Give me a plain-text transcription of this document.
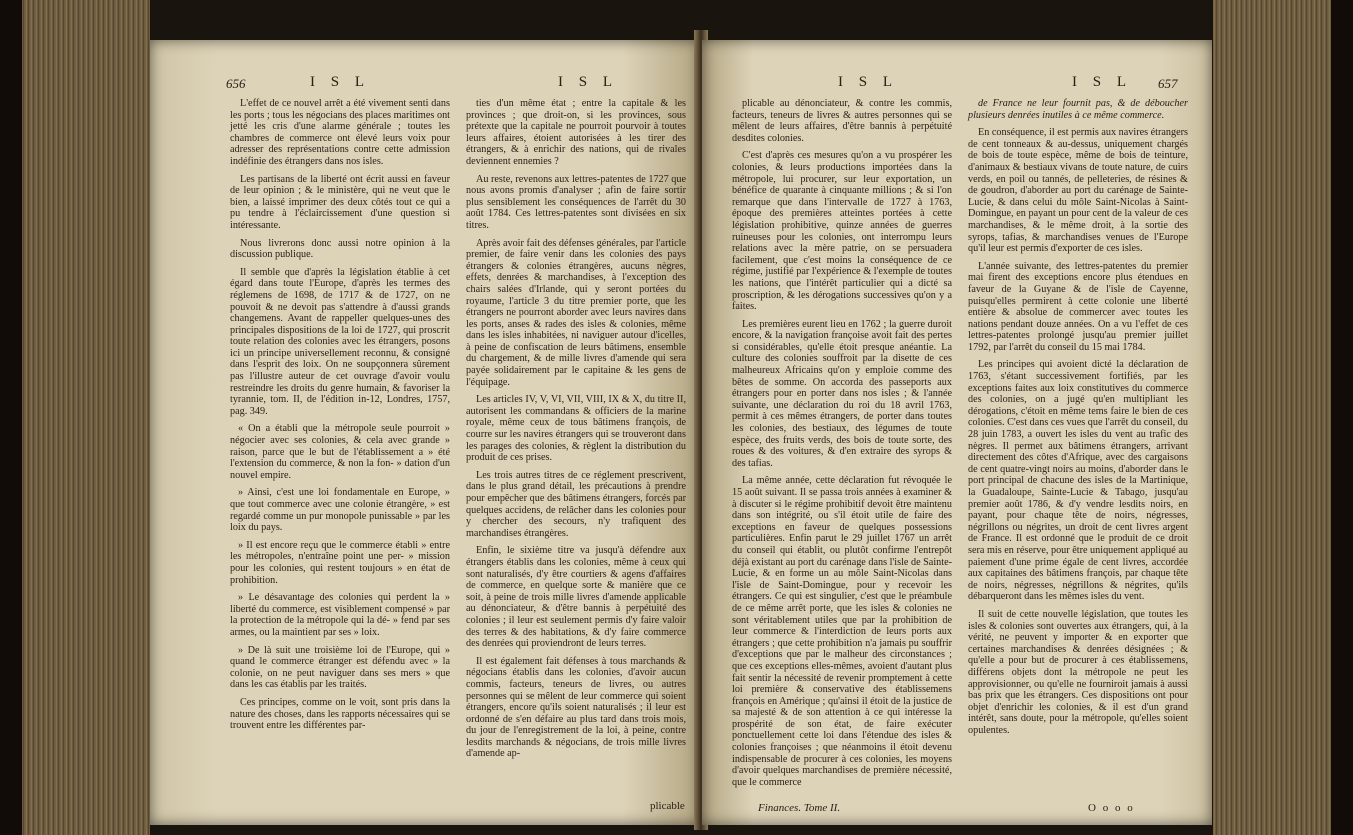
656	I S L	I S L

L'effet de ce nouvel arrêt a été vivement senti dans les ports ; tous les négocians des places maritimes ont jetté les cris d'une alarme générale ; toutes les chambres de commerce ont élevé leurs voix pour adresser des représentations contre cette admission indéfinie des étrangers dans nos isles.

Les partisans de la liberté ont écrit aussi en faveur de leur opinion ; & le ministère, qui ne veut que le bien, a laissé imprimer des deux côtés tout ce qui a pu tendre à l'éclaircissement d'une question si intéressante.

Nous livrerons donc aussi notre opinion à la discussion publique.

Il semble que d'après la législation établie à cet égard dans toute l'Europe, d'après les termes des réglemens de 1698, de 1717 & de 1727, on ne pouvoit & ne devoit pas s'attendre à d'aussi grands changemens. Avant de rappeller quelques-unes des principales dispositions de la loi de 1727, qui proscrit toute relation des colonies avec les étrangers, posons ici un principe universellement reconnu, & consigné dans l'esprit des loix. On ne soupçonnera sûrement pas l'illustre auteur de cet ouvrage d'avoir voulu restreindre les droits du genre humain, & favoriser la tyrannie, tom. II, de l'édition in-12, Londres, 1757, pag. 349.

« On a établi que la métropole seule pourroit » négocier avec ses colonies, & cela avec grande » raison, parce que le but de l'établissement a » été l'extension du commerce, & non la fon- » dation d'un nouvel empire.

» Ainsi, c'est une loi fondamentale en Europe, » que tout commerce avec une colonie étrangère, » est regardé comme un pur monopole punissable » par les loix du pays.

» Il est encore reçu que le commerce établi » entre les métropoles, n'entraîne point une per- » mission pour les colonies, qui restent toujours » en état de prohibition.

» Le désavantage des colonies qui perdent la » liberté du commerce, est visiblement compensé » par la protection de la métropole qui la dé- » fend par ses armes, ou la maintient par ses » loix.

» De là suit une troisième loi de l'Europe, qui » quand le commerce étranger est défendu avec » la colonie, on ne peut naviguer dans ses mers » que dans les cas établis par les traités.

Ces principes, comme on le voit, sont pris dans la nature des choses, dans les rapports nécessaires qui se trouvent entre les différentes par-

ties d'un même état ; entre la capitale & les provinces ; que droit-on, si les provinces, sous prétexte que la capitale ne pourroit pourvoir à toutes leurs affaires, étoient autorisées à les tirer des étrangers, & à enrichir des nations, qui de rivales deviennent ennemies ?

Au reste, revenons aux lettres-patentes de 1727 que nous avons promis d'analyser ; afin de faire sortir plus sensiblement les conséquences de l'arrêt du 30 août 1784. Ces lettres-patentes sont divisées en six titres.

Après avoir fait des défenses générales, par l'article premier, de faire venir dans les colonies des pays étrangers & colonies étrangères, aucuns nègres, effets, denrées & marchandises, à l'exception des chairs salées d'Irlande, qui y seront portées du royaume, l'article 3 du titre premier porte, que les étrangers ne pourront aborder avec leurs navires dans les ports, anses & rades des isles & colonies, même dans les isles inhabitées, ni naviguer autour d'icelles, à peine de confiscation de leurs bâtimens, ensemble du chargement, & de mille livres d'amende qui sera payée solidairement par le capitaine & les gens de l'équipage.

Les articles IV, V, VI, VII, VIII, IX & X, du titre II, autorisent les commandans & officiers de la marine royale, même ceux de tous bâtimens françois, de courre sur les navires étrangers qui se trouveront dans les parages des colonies, & règlent la distribution du produit de ces prises.

Les trois autres titres de ce réglement prescrivent, dans le plus grand détail, les précautions à prendre pour empêcher que des bâtimens étrangers, forcés par quelques accidens, de relâcher dans les colonies pour y chercher des secours, n'y trafiquent des marchandises étrangères.

Enfin, le sixième titre va jusqu'à défendre aux étrangers établis dans les colonies, même à ceux qui sont naturalisés, d'y être courtiers & agens d'affaires de commerce, en quelque sorte & manière que ce soit, à peine de trois mille livres d'amende applicable au dénonciateur, & d'être bannis à perpétuité des colonies ; il leur est seulement permis d'y faire valoir des terres & des habitations, & d'y faire commerce des denrées qui proviendront de leurs terres.

Il est également fait défenses à tous marchands & négocians établis dans les colonies, d'avoir aucun commis, facteurs, teneurs de livres, ou autres personnes qui se mêlent de leur commerce qui soient étrangers, encore qu'ils soient naturalisés ; il leur est ordonné de s'en défaire au plus tard dans trois mois, du jour de l'enregistrement de la loi, à peine, contre lesdits marchands & négocians, de trois mille livres d'amende ap-

plicable
I S L	I S L 657

plicable au dénonciateur, & contre les commis, facteurs, teneurs de livres & autres personnes qui se mêlent de leurs affaires, d'être bannis à perpétuité desdites colonies.

C'est d'après ces mesures qu'on a vu prospérer les colonies, & leurs productions importées dans la métropole, lui procurer, sur leur exportation, un bénéfice de quarante à cinquante millions ; & si l'on remarque que dans l'intervalle de 1727 à 1763, époque des premières atteintes portées à cette législation prohibitive, quinze années de guerres ruineuses pour les colonies, ont interrompu leurs relations avec la mère patrie, on se persuadera facilement, que c'est moins la conséquence de ce régime, justifié par l'expérience & l'exemple de toutes les nations, que l'intérêt particulier qui a dicté sa proscription, & les dérogations successives qu'on y a faites.

Les premières eurent lieu en 1762 ; la guerre duroit encore, & la navigation françoise avoit fait des pertes si considérables, qu'elle étoit presque anéantie. La culture des colonies souffroit par la disette de ces malheureux Africains qu'on y emploie comme des bêtes de somme. On accorda des passeports aux étrangers pour en porter dans nos isles ; & l'année suivante, une déclaration du roi du 18 avril 1763, permit à ces mêmes étrangers, de porter dans toutes les colonies, des bestiaux, des légumes de toute espèce, des fruits verds, des bois de toute sorte, des roues & des voitures, & d'en extraire des syrops & des tafias.

La même année, cette déclaration fut révoquée le 15 août suivant. Il se passa trois années à examiner & à discuter si le régime prohibitif devoit être maintenu dans son intégrité, ou s'il étoit utile de faire des exceptions en faveur de quelques possessions particulières. Enfin parut le 29 juillet 1767 un arrêt du conseil qui établit, ou plutôt confirme l'entrepôt déjà existant au port du carénage dans l'isle de Sainte-Lucie, & en forme un au môle Saint-Nicolas dans l'isle de Saint-Domingue, pour y recevoir les étrangers. Ce qui est singulier, c'est que le préambule de ce même arrêt porte, que les isles & colonies ne sont véritablement utiles que par la prohibition de leur commerce & l'interdiction de leurs ports aux étrangers ; que cette prohibition n'a jamais pu souffrir d'exceptions que par le malheur des circonstances ; que ces exceptions elles-mêmes, avoient d'autant plus fait sentir la nécessité de revenir promptement à cette loi première & conservative des établissemens françois en Amérique ; qu'ainsi il étoit de la justice de sa majesté & de son attention à ce qui intéresse la prospérité de son état, de faire exécuter ponctuellement cette loi dans l'étendue des isles & colonies françoises ; que néanmoins il étoit devenu indispensable de procurer à ces colonies, les moyens d'avoir quelques marchandises de première nécessité, que le commerce

de France ne leur fournit pas, & de déboucher plusieurs denrées inutiles à ce même commerce.

En conséquence, il est permis aux navires étrangers de cent tonneaux & au-dessus, uniquement chargés de bois de toute espèce, même de bois de teinture, d'animaux & bestiaux vivans de toute nature, de cuirs verds, en poil ou tannés, de pelleteries, de résines & de goudron, d'aborder au port du carénage de Sainte-Lucie, & dans celui du môle Saint-Nicolas à Saint-Domingue, en payant un pour cent de la valeur de ces marchandises, & le même droit, à la sortie des syrops, tafias, & marchandises venues de l'Europe qu'il leur est permis d'exporter de ces isles.

L'année suivante, des lettres-patentes du premier mai firent des exceptions encore plus étendues en faveur de la Guyane & de l'isle de Cayenne, puisqu'elles permirent à cette colonie une liberté entière & absolue de commercer avec toutes les nations pendant douze années. On a vu l'effet de ces lettres-patentes prolongé jusqu'au premier juillet 1792, par l'arrêt du conseil du 15 mai 1784.

Les principes qui avoient dicté la déclaration de 1763, s'étant successivement fortifiés, par les exceptions faites aux loix constitutives du commerce des colonies, on a jugé qu'en multipliant les dérogations, c'étoit en même tems faire le bien de ces colonies. C'est dans ces vues que l'arrêt du conseil, du 28 juin 1783, a ouvert les isles du vent au trafic des nègres. Il permet aux bâtimens étrangers, arrivant directement des côtes d'Afrique, avec des cargaisons de cent quatre-vingt noirs au moins, d'aborder dans le port principal de chacune des isles de la Martinique, la Guadaloupe, Sainte-Lucie & Tabago, jusqu'au premier août 1786, & d'y vendre lesdits noirs, en payant, pour chaque tête de noirs, négresses, négrillons ou négrites, un droit de cent livres argent de France. Il est ordonné que le produit de ce droit sera mis en réserve, pour être uniquement appliqué au paiement d'une prime égale de cent livres, accordée aux capitaines des bâtimens françois, par chaque tête de noirs, négresses, négrillons & négrites, qu'ils débarqueront dans les mêmes isles du vent.

Il suit de cette nouvelle législation, que toutes les isles & colonies sont ouvertes aux étrangers, qui, à la vérité, ne peuvent y importer & en exporter que certaines marchandises & denrées désignées ; & qu'elle a pour but de procurer à ces établissemens, différens objets dont la métropole ne peut les approvisionner, ou qu'elle ne fourniroit jamais à aussi bas prix que les étrangers. Ces dispositions ont pour objet d'enrichir les colonies, & il est d'un grand intérêt, sans doute, pour la métropole, qu'elles soient opulentes.

Finances. Tome II.	O o o o
